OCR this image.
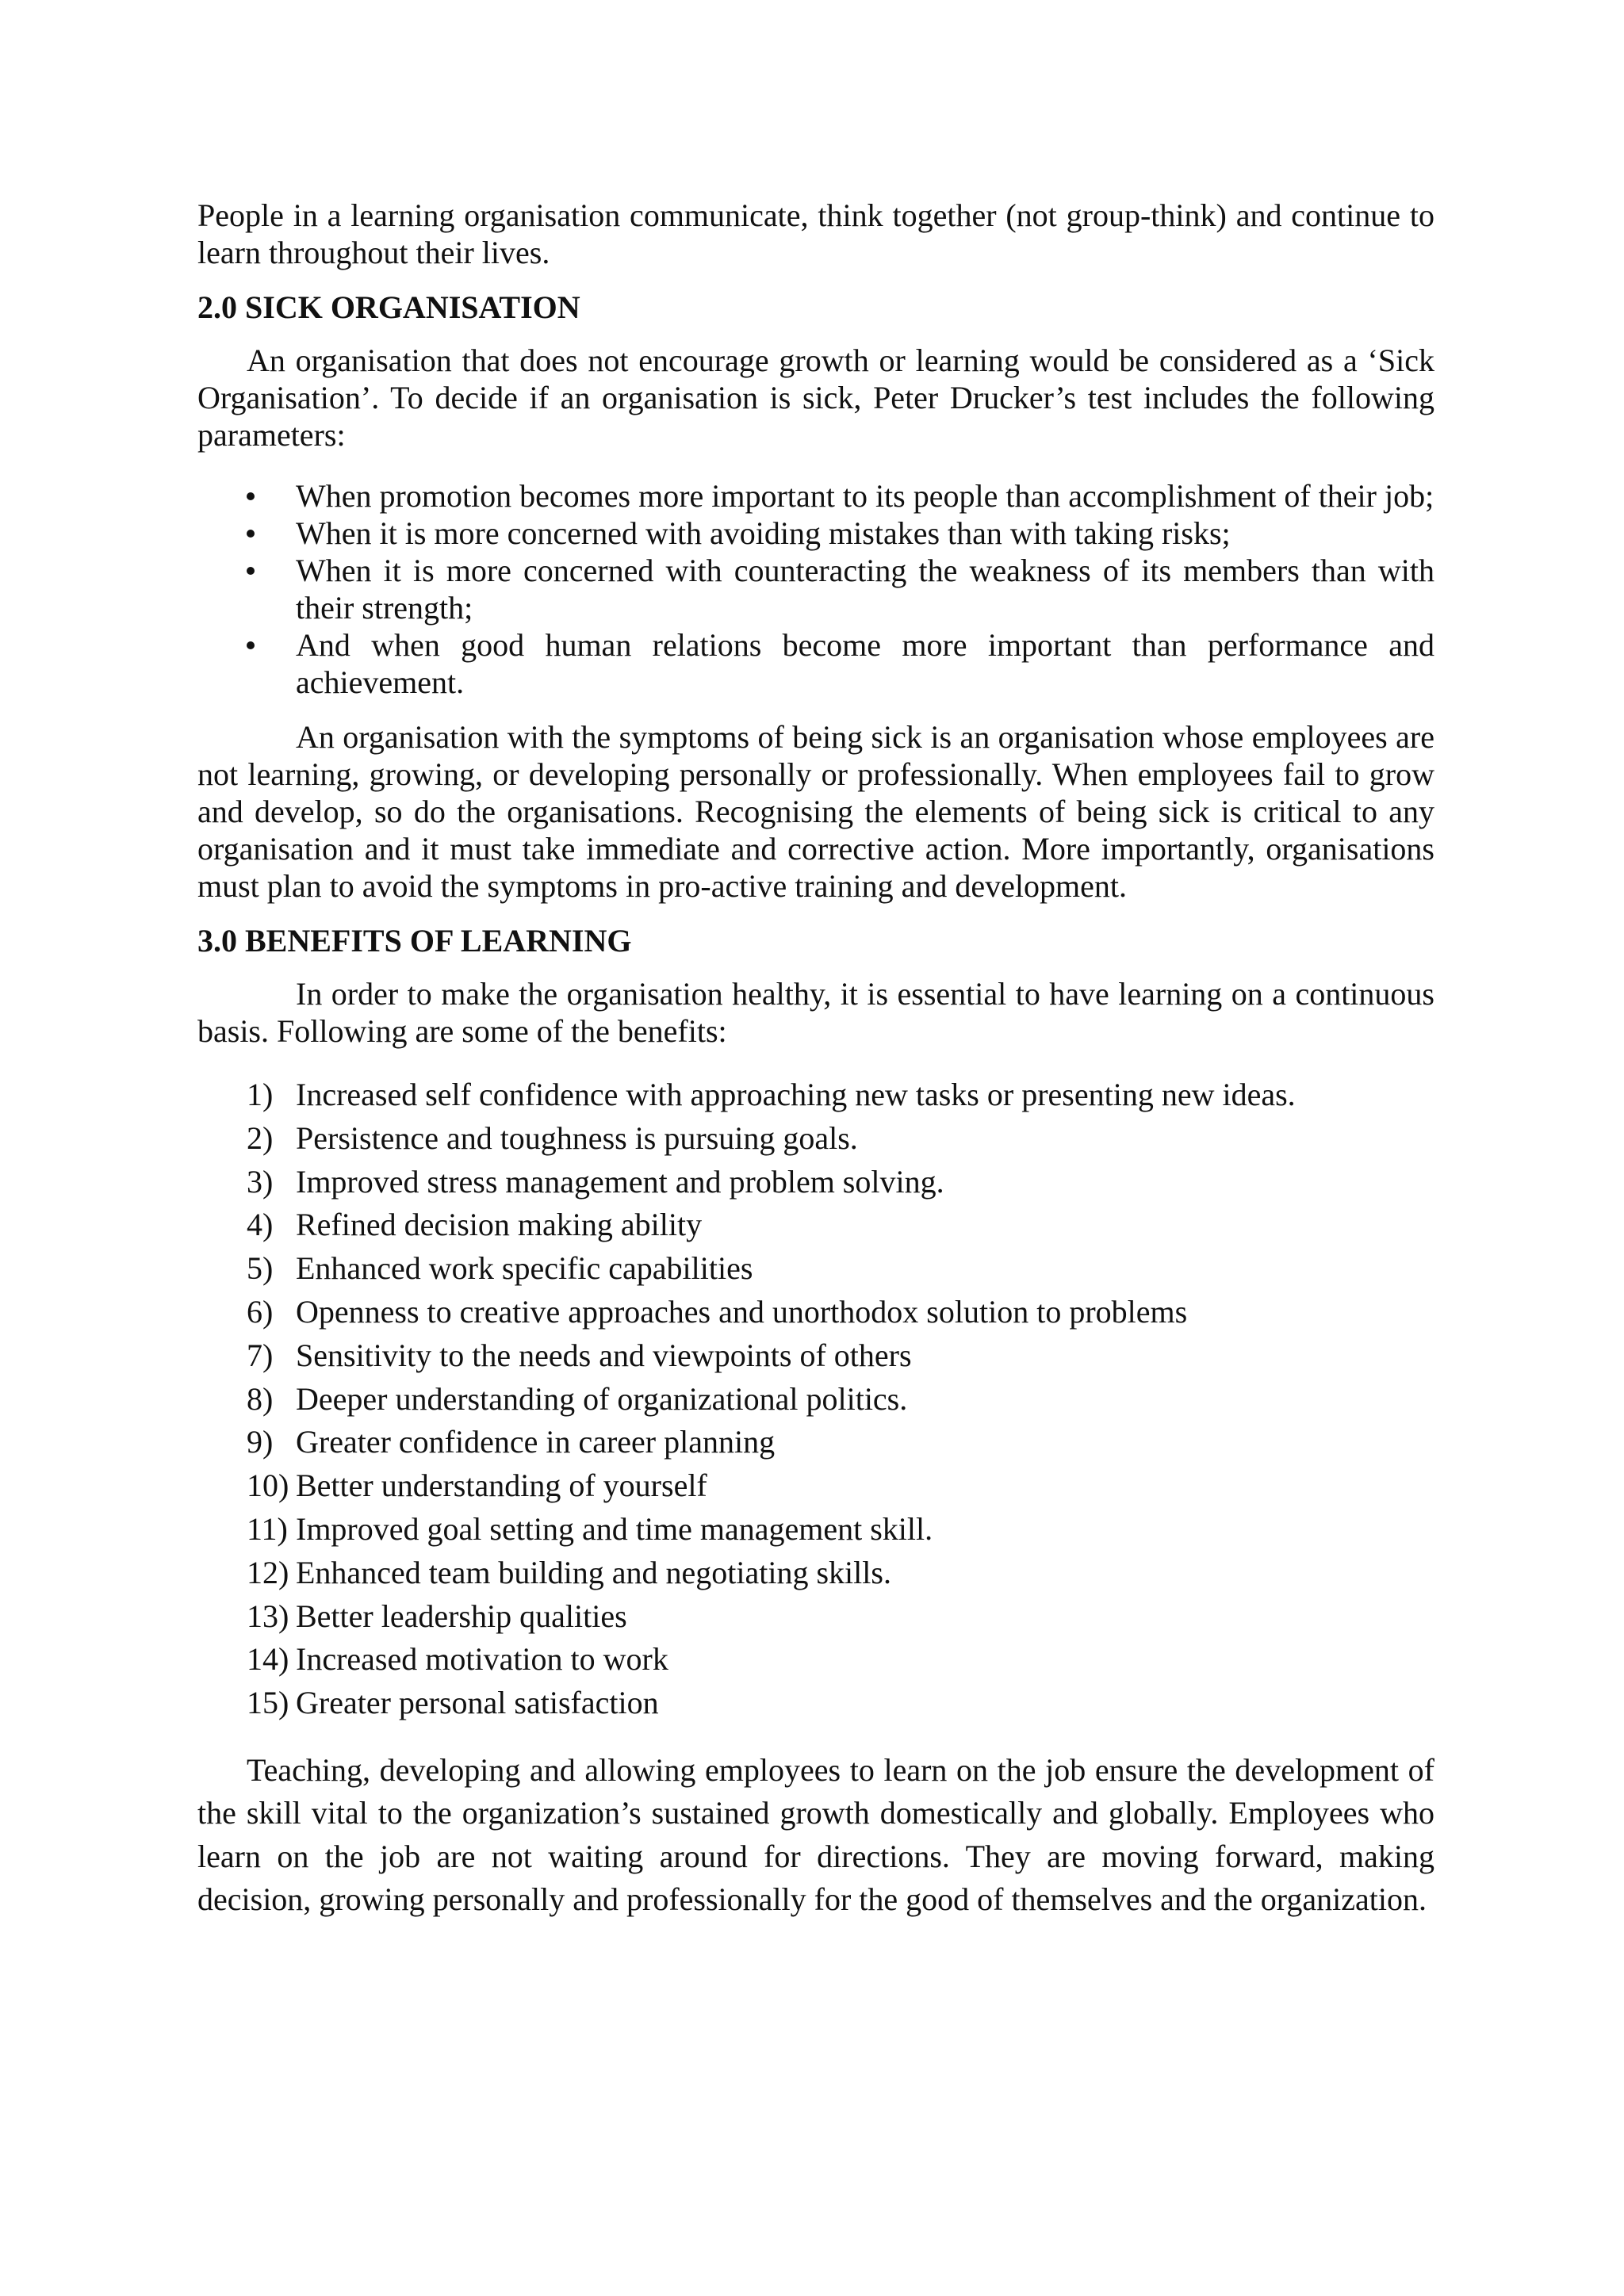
People in a learning organisation communicate, think together (not group-think) and continue to learn throughout their lives.

2.0 SICK ORGANISATION

An organisation that does not encourage growth or learning would be considered as a ‘Sick Organisation’. To decide if an organisation is sick, Peter Drucker’s test includes the following parameters:

When promotion becomes more important to its people than accomplishment of their job;
When it is more concerned with avoiding mistakes than with taking risks;
When it is more concerned with counteracting the weakness of its members than with their strength;
And when good human relations become more important than performance and achievement.

An organisation with the symptoms of being sick is an organisation whose employees are not learning, growing, or developing personally or professionally. When employees fail to grow and develop, so do the organisations. Recognising the elements of being sick is critical to any organisation and it must take immediate and corrective action. More importantly, organisations must plan to avoid the symptoms in pro-active training and development.

3.0 BENEFITS OF LEARNING

In order to make the organisation healthy, it is essential to have learning on a continuous basis. Following are some of the benefits:

1) Increased self confidence with approaching new tasks or presenting new ideas.
2) Persistence and toughness is pursuing goals.
3) Improved stress management and problem solving.
4) Refined decision making ability
5) Enhanced work specific capabilities
6) Openness to creative approaches and unorthodox solution to problems
7) Sensitivity to the needs and viewpoints of others
8) Deeper understanding of organizational politics.
9) Greater confidence in career planning
10) Better understanding of yourself
11) Improved goal setting and time management skill.
12) Enhanced team building and negotiating skills.
13) Better leadership qualities
14) Increased motivation to work
15) Greater personal satisfaction

Teaching, developing and allowing employees to learn on the job ensure the development of the skill vital to the organization’s sustained growth domestically and globally. Employees who learn on the job are not waiting around for directions. They are moving forward, making decision, growing personally and professionally for the good of themselves and the organization.
